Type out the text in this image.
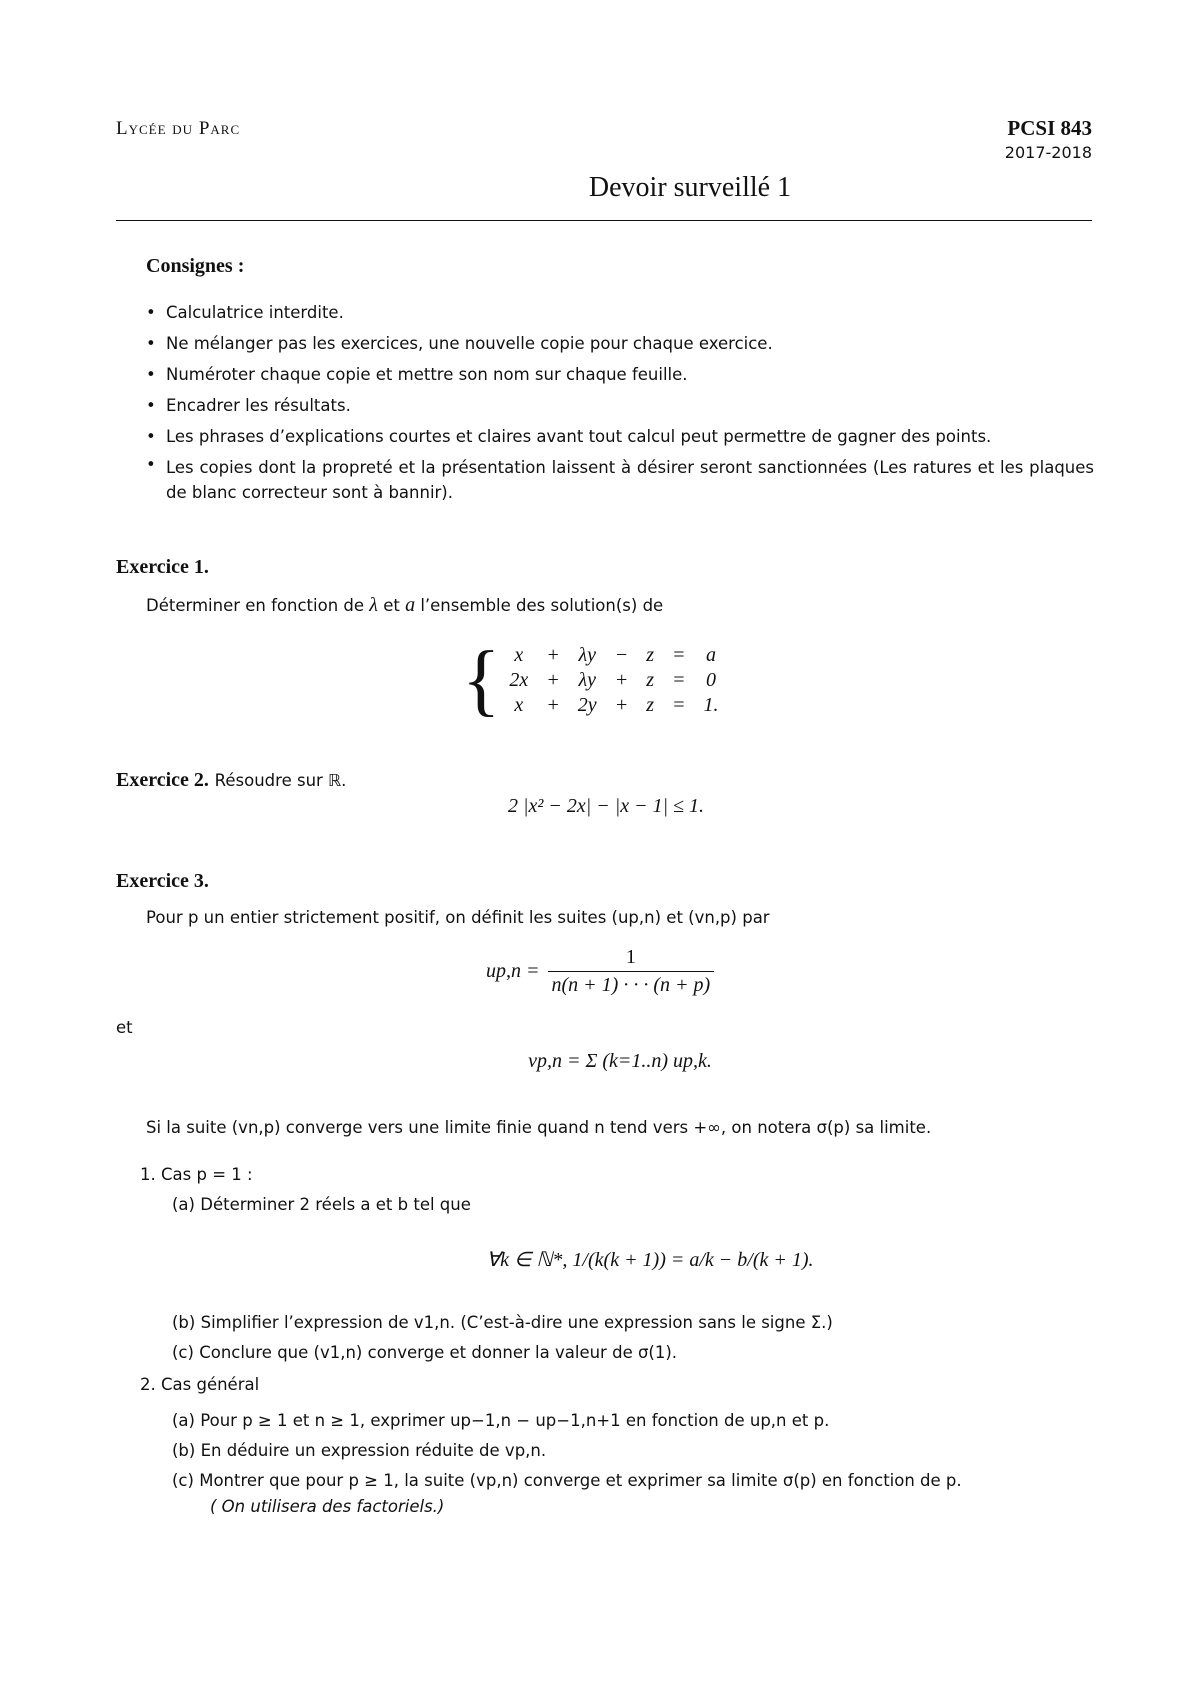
Lycée du Parc	PCSI 843
2017-2018
Devoir surveillé 1
Consignes :
• Calculatrice interdite.
• Ne mélanger pas les exercices, une nouvelle copie pour chaque exercice.
• Numéroter chaque copie et mettre son nom sur chaque feuille.
• Encadrer les résultats.
• Les phrases d’explications courtes et claires avant tout calcul peut permettre de gagner des points.
• Les copies dont la propreté et la présentation laissent à désirer seront sanctionnées (Les ratures et les plaques de blanc correcteur sont à bannir).
Exercice 1.
Déterminer en fonction de λ et a l’ensemble des solution(s) de
{ x	+	λy	−	z	=	a
2x	+	λy	+	z	=	0
x	+	2y	+	z	=	1.
Exercice 2. Résoudre sur ℝ.
2 |x² − 2x| − |x − 1| ≤ 1.
Exercice 3.
Pour p un entier strictement positif, on définit les suites (up,n) et (vn,p) par
$up,n = \frac{1}{n(n + 1) \cdot \cdot \cdot (n + p)}$
et
vp,n = Σ (k=1..n) up,k.
Si la suite (vn,p) converge vers une limite finie quand n tend vers +∞, on notera σ(p) sa limite.
1. Cas p = 1 :
(a) Déterminer 2 réels a et b tel que
∀k ∈ ℕ*, 1/(k(k + 1)) = a/k − b/(k + 1).
(b) Simplifier l’expression de v1,n. (C’est-à-dire une expression sans le signe Σ.)
(c) Conclure que (v1,n) converge et donner la valeur de σ(1).
2. Cas général
(a) Pour p ≥ 1 et n ≥ 1, exprimer up−1,n − up−1,n+1 en fonction de up,n et p.
(b) En déduire un expression réduite de vp,n.
(c) Montrer que pour p ≥ 1, la suite (vp,n) converge et exprimer sa limite σ(p) en fonction de p.
( On utilisera des factoriels.)
